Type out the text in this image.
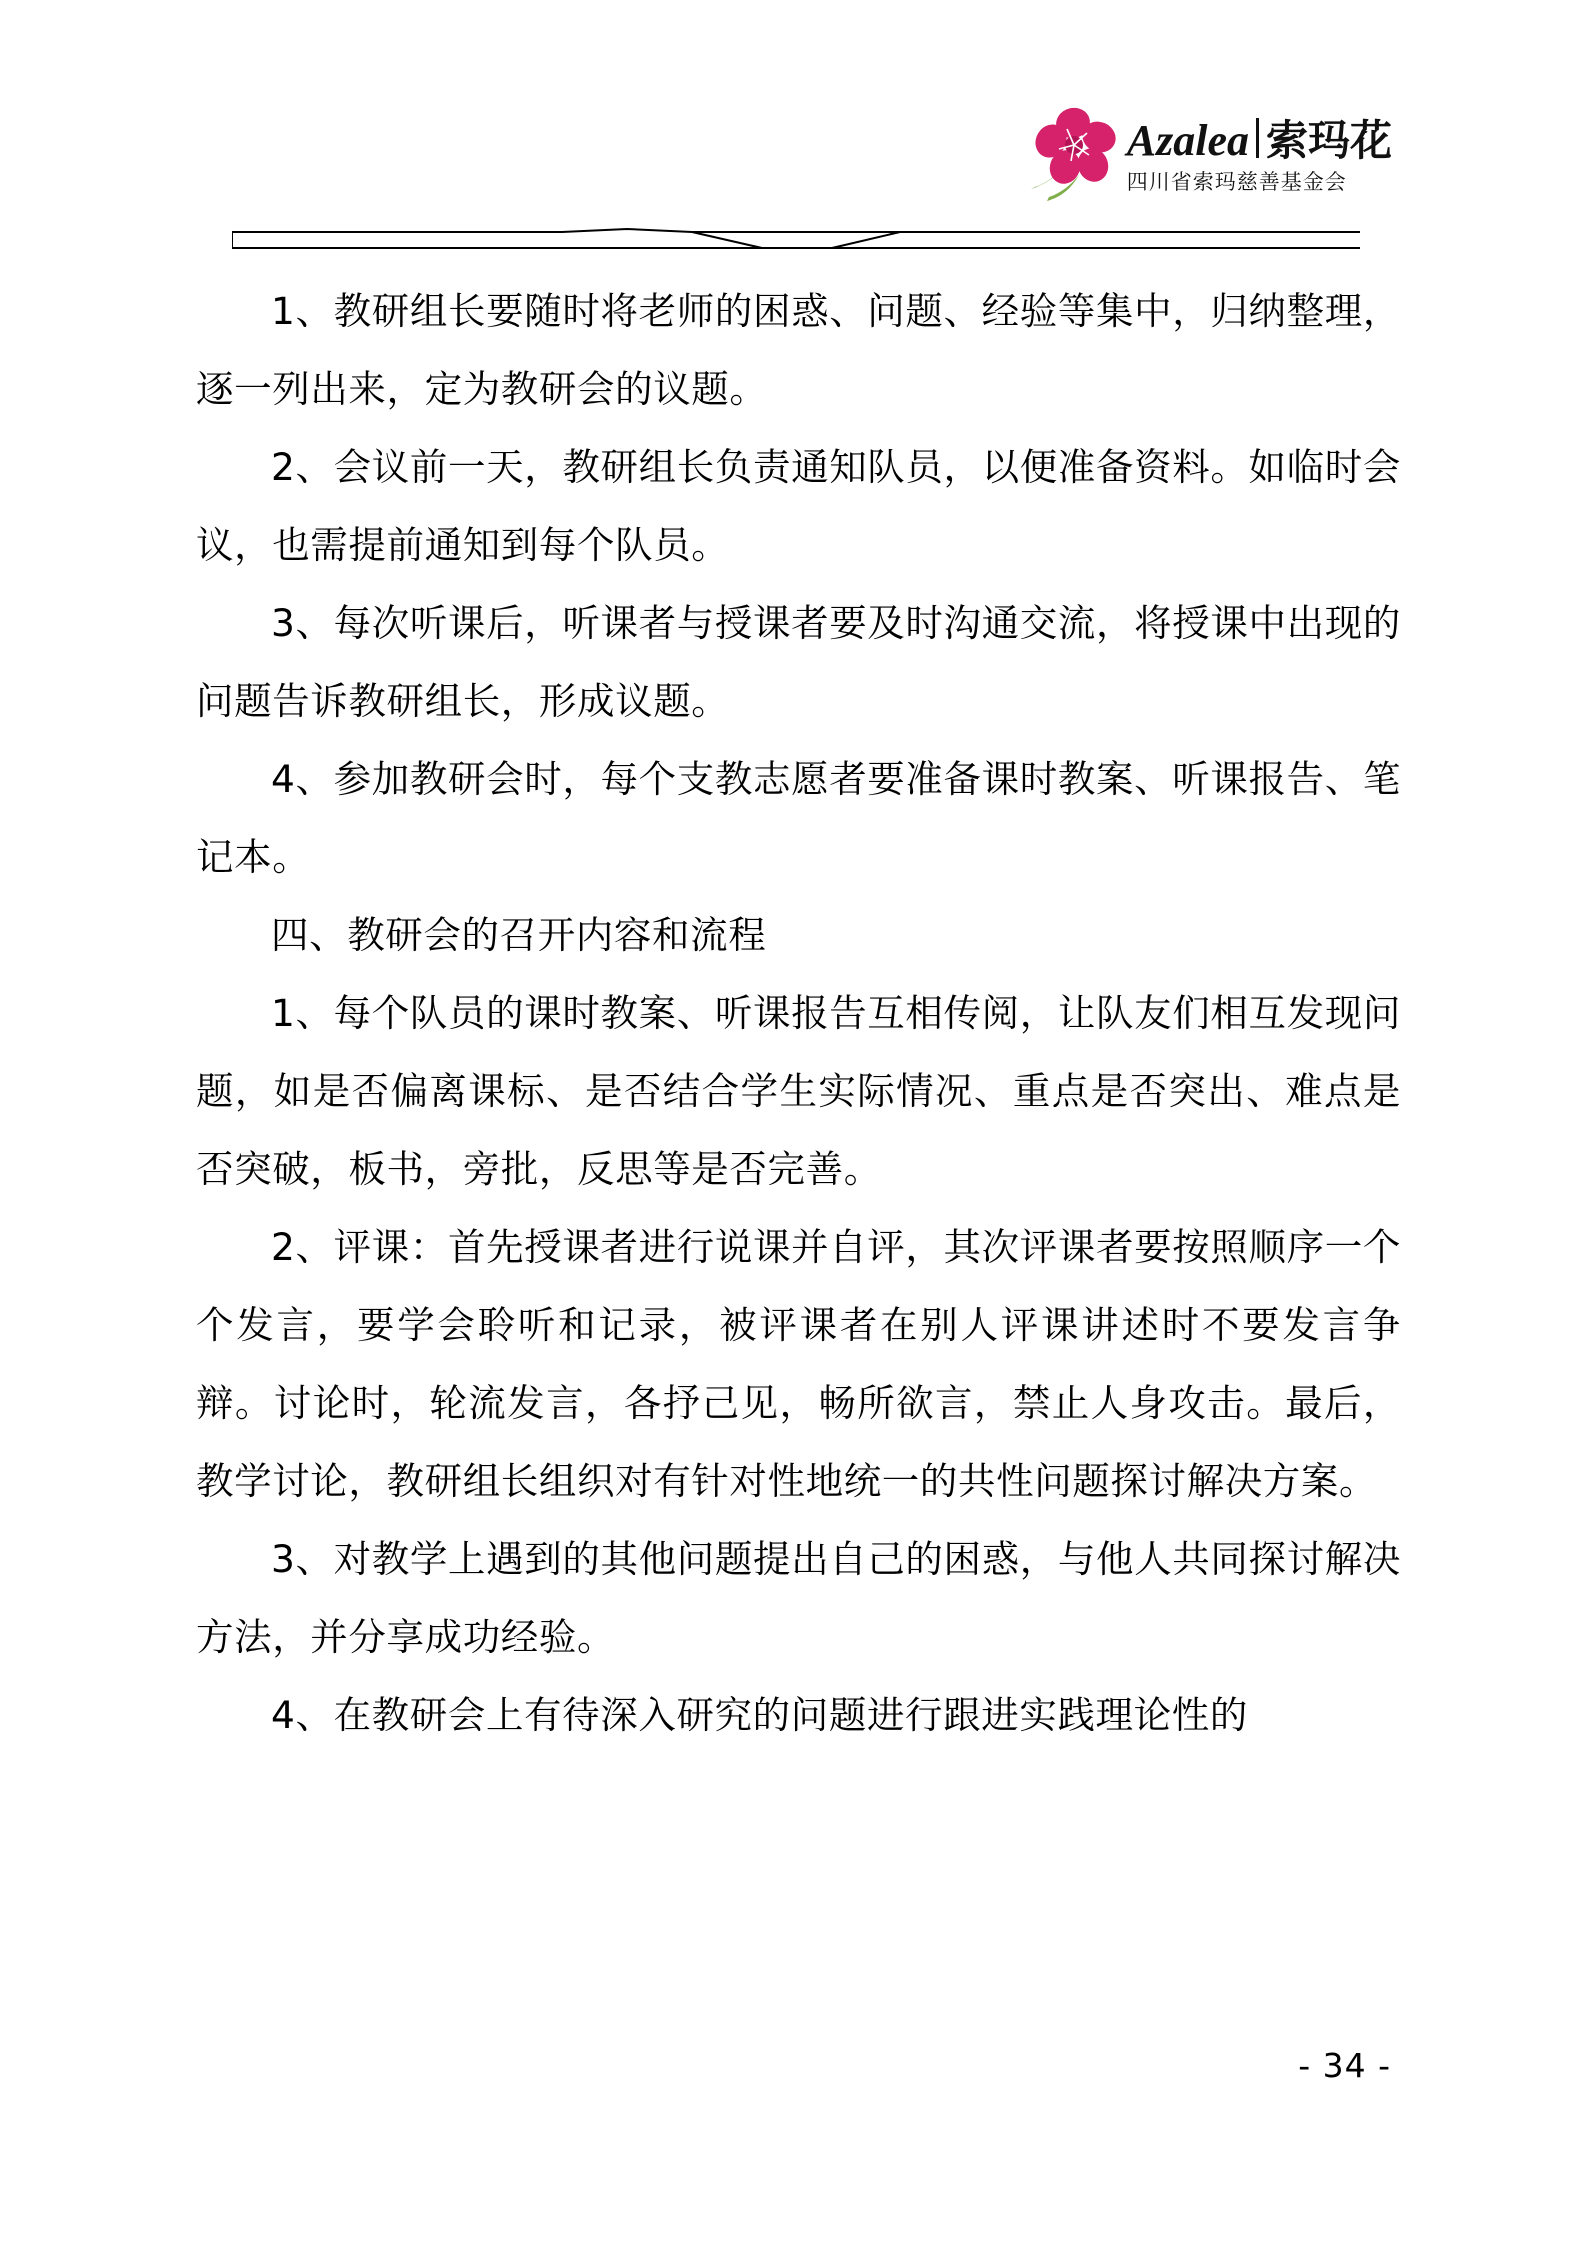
Azalea 索玛花
四川省索玛慈善基金会

1、教研组长要随时将老师的困惑、问题、经验等集中，归纳整理，逐一列出来，定为教研会的议题。

2、会议前一天，教研组长负责通知队员，以便准备资料。如临时会议，也需提前通知到每个队员。

3、每次听课后，听课者与授课者要及时沟通交流，将授课中出现的问题告诉教研组长，形成议题。

4、参加教研会时，每个支教志愿者要准备课时教案、听课报告、笔记本。

四、教研会的召开内容和流程

1、每个队员的课时教案、听课报告互相传阅，让队友们相互发现问题，如是否偏离课标、是否结合学生实际情况、重点是否突出、难点是否突破，板书，旁批，反思等是否完善。

2、评课：首先授课者进行说课并自评，其次评课者要按照顺序一个个发言，要学会聆听和记录，被评课者在别人评课讲述时不要发言争辩。讨论时，轮流发言，各抒己见，畅所欲言，禁止人身攻击。最后，教学讨论，教研组长组织对有针对性地统一的共性问题探讨解决方案。

3、对教学上遇到的其他问题提出自己的困惑，与他人共同探讨解决方法，并分享成功经验。

4、在教研会上有待深入研究的问题进行跟进实践理论性的

- 34 -
